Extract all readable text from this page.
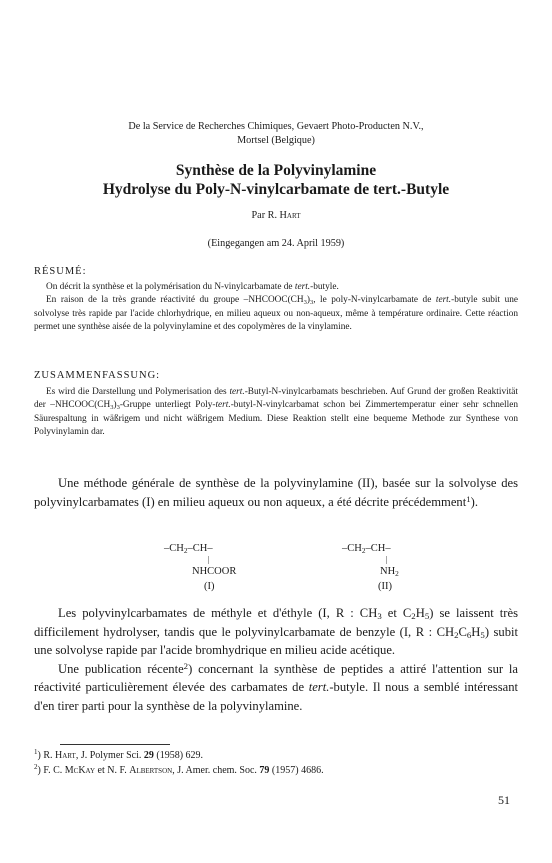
De la Service de Recherches Chimiques, Gevaert Photo-Producten N.V.,
Mortsel (Belgique)
Synthèse de la Polyvinylamine
Hydrolyse du Poly-N-vinylcarbamate de tert.-Butyle
Par R. Hart
(Eingegangen am 24. April 1959)
RÉSUMÉ:

On décrit la synthèse et la polymérisation du N-vinylcarbamate de tert.-butyle.

En raison de la très grande réactivité du groupe $-NHCOOC(CH_3)_3$, le poly-N-vinylcarbamate de tert.-butyle subit une solvolyse très rapide par l'acide chlorhydrique, en milieu aqueux ou non-aqueux, même à température ordinaire. Cette réaction permet une synthèse aisée de la polyvinylamine et des copolymères de la vinylamine.

ZUSAMMENFASSUNG:

Es wird die Darstellung und Polymerisation des tert.-Butyl-N-vinylcarbamats beschrieben. Auf Grund der großen Reaktivität der $-NHCOOC(CH_3)_3$-Gruppe unterliegt Poly-tert.-butyl-N-vinylcarbamat schon bei Zimmertemperatur einer sehr schnellen Säurespaltung in wäßrigem und nicht wäßrigem Medium. Diese Reaktion stellt eine bequeme Methode zur Synthese von Polyvinylamin dar.

Une méthode générale de synthèse de la polyvinylamine (II), basée sur la solvolyse des polyvinylcarbamates (I) en milieu aqueux ou non aqueux, a été décrite précédemment$^1$).

$-CH_2-CH-$
|
NHCOOR
(I)
$-CH_2-CH-$
|
$NH_2$
(II)

Les polyvinylcarbamates de méthyle et d'éthyle (I, R : $CH_3$ et $C_2H_5$) se laissent très difficilement hydrolyser, tandis que le polyvinylcarbamate de benzyle (I, R : $CH_2C_6H_5$) subit une solvolyse rapide par l'acide bromhydrique en milieu acide acétique.

Une publication récente$^2$) concernant la synthèse de peptides a attiré l'attention sur la réactivité particulièrement élevée des carbamates de tert.-butyle. Il nous a semblé intéressant d'en tirer parti pour la synthèse de la polyvinylamine.

$^1$) R. Hart, J. Polymer Sci. 29 (1958) 629.
$^2$) F. C. McKay et N. F. Albertson, J. Amer. chem. Soc. 79 (1957) 4686.
51
